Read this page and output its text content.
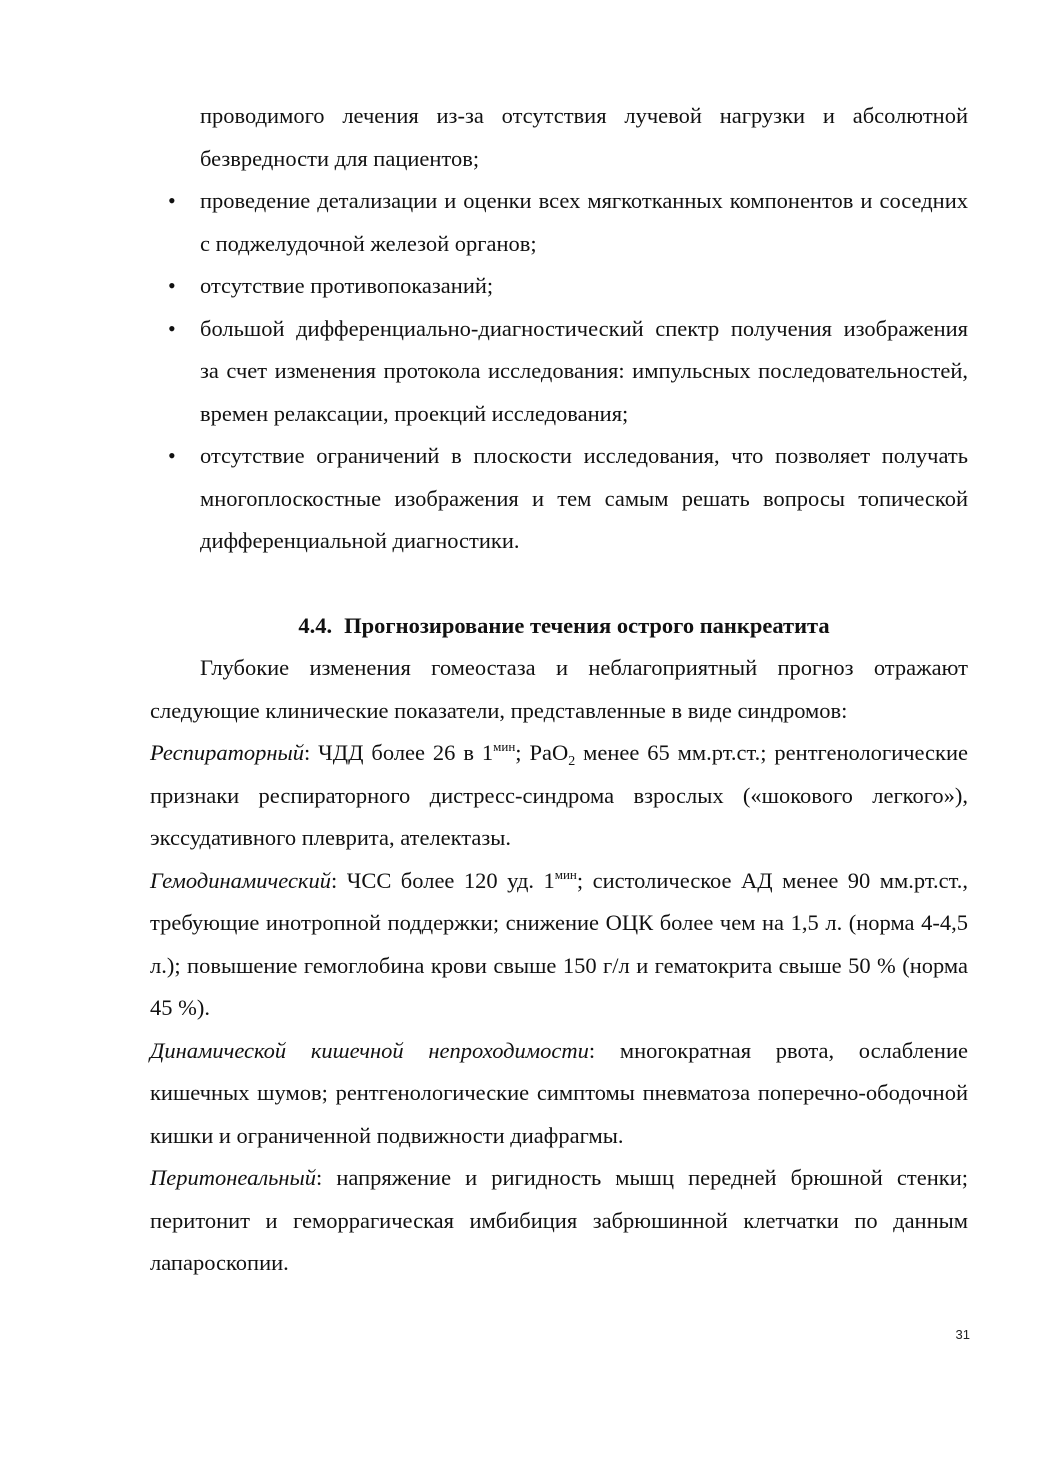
проводимого лечения из-за отсутствия лучевой нагрузки и абсолютной безвредности для пациентов;

• проведение детализации и оценки всех мягкотканных компонентов и соседних с поджелудочной железой органов;
• отсутствие противопоказаний;
• большой дифференциально-диагностический спектр получения изображения за счет изменения протокола исследования: импульсных последовательностей, времен релаксации, проекций исследования;
• отсутствие ограничений в плоскости исследования, что позволяет получать многоплоскостные изображения и тем самым решать вопросы топической дифференциальной диагностики.
4.4. Прогнозирование течения острого панкреатита

Глубокие изменения гомеостаза и неблагоприятный прогноз отражают следующие клинические показатели, представленные в виде синдромов:

Респираторный: ЧДД более 26 в $1^{мин}$; PaO$_2$ менее 65 мм.рт.ст.; рентгенологические признаки респираторного дистресс-синдрома взрослых («шокового легкого»), экссудативного плеврита, ателектазы.

Гемодинамический: ЧСС более 120 уд. $1^{мин}$; систолическое АД менее 90 мм.рт.ст., требующие инотропной поддержки; снижение ОЦК более чем на 1,5 л. (норма 4-4,5 л.); повышение гемоглобина крови свыше 150 г/л и гематокрита свыше 50 % (норма 45 %).

Динамической кишечной непроходимости: многократная рвота, ослабление кишечных шумов; рентгенологические симптомы пневматоза поперечно-ободочной кишки и ограниченной подвижности диафрагмы.

Перитонеальный: напряжение и ригидность мышц передней брюшной стенки; перитонит и геморрагическая имбибиция забрюшинной клетчатки по данным лапароскопии.

31
